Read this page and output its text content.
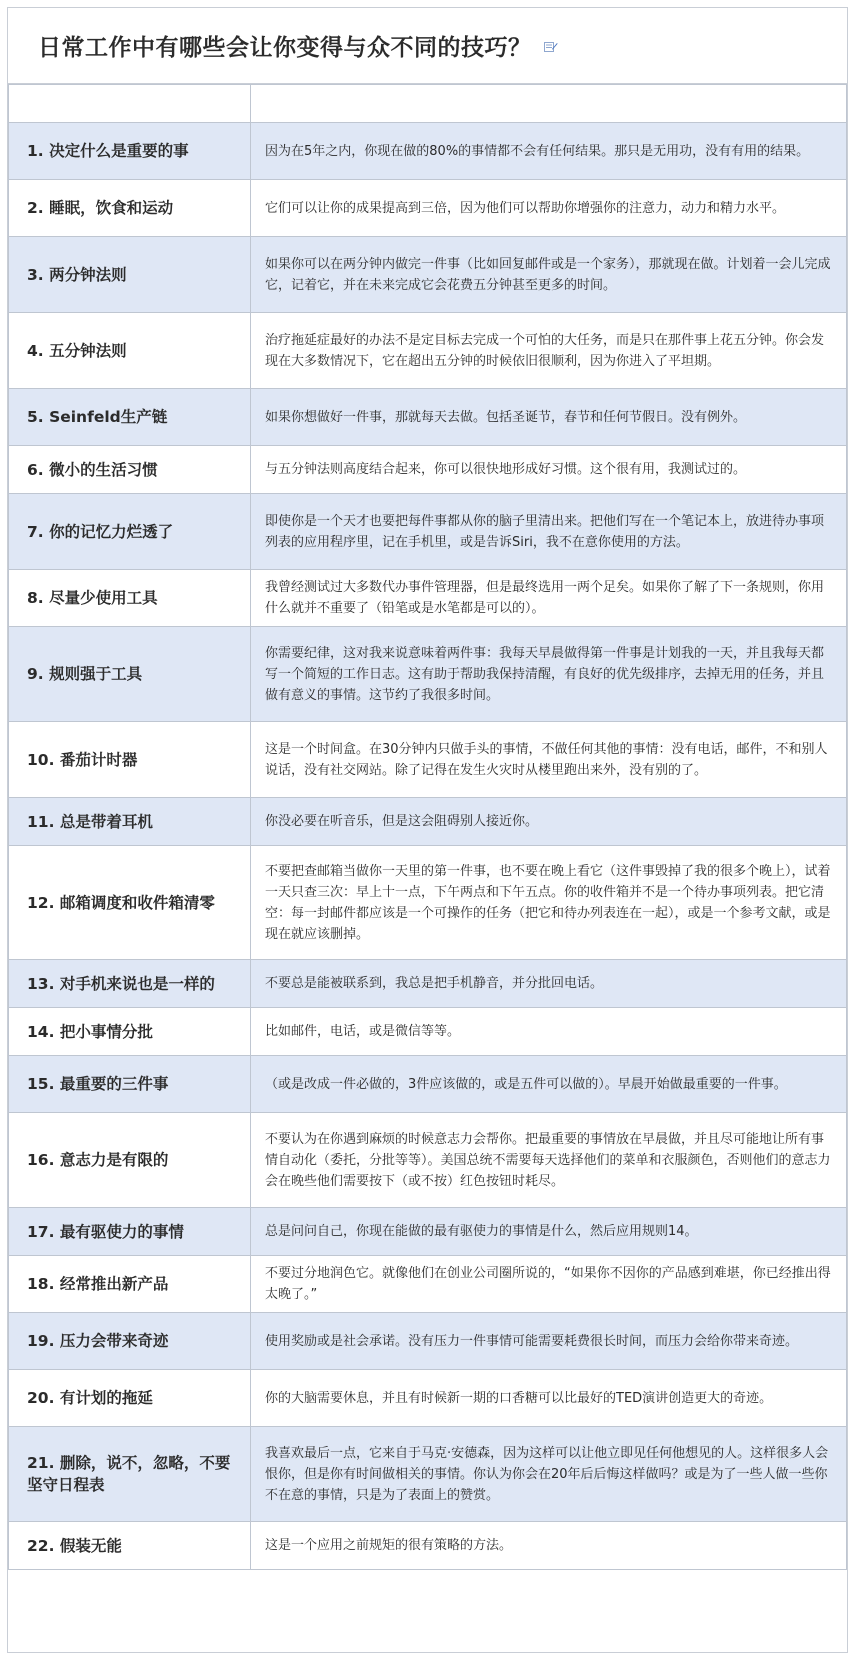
日常工作中有哪些会让你变得与众不同的技巧？

1. 决定什么是重要的事	因为在5年之内，你现在做的80%的事情都不会有任何结果。那只是无用功，没有有用的结果。
2. 睡眠，饮食和运动	它们可以让你的成果提高到三倍，因为他们可以帮助你增强你的注意力，动力和精力水平。
3. 两分钟法则	如果你可以在两分钟内做完一件事（比如回复邮件或是一个家务），那就现在做。计划着一会儿完成它，记着它，并在未来完成它会花费五分钟甚至更多的时间。
4. 五分钟法则	治疗拖延症最好的办法不是定目标去完成一个可怕的大任务，而是只在那件事上花五分钟。你会发现在大多数情况下，它在超出五分钟的时候依旧很顺利，因为你进入了平坦期。
5. Seinfeld生产链	如果你想做好一件事，那就每天去做。包括圣诞节，春节和任何节假日。没有例外。
6. 微小的生活习惯	与五分钟法则高度结合起来，你可以很快地形成好习惯。这个很有用，我测试过的。
7. 你的记忆力烂透了	即使你是一个天才也要把每件事都从你的脑子里清出来。把他们写在一个笔记本上，放进待办事项列表的应用程序里，记在手机里，或是告诉Siri，我不在意你使用的方法。
8. 尽量少使用工具	我曾经测试过大多数代办事件管理器，但是最终选用一两个足矣。如果你了解了下一条规则，你用什么就并不重要了（铅笔或是水笔都是可以的）。
9. 规则强于工具	你需要纪律，这对我来说意味着两件事：我每天早晨做得第一件事是计划我的一天，并且我每天都写一个简短的工作日志。这有助于帮助我保持清醒，有良好的优先级排序，去掉无用的任务，并且做有意义的事情。这节约了我很多时间。
10. 番茄计时器	这是一个时间盒。在30分钟内只做手头的事情，不做任何其他的事情：没有电话，邮件，不和别人说话，没有社交网站。除了记得在发生火灾时从楼里跑出来外，没有别的了。
11. 总是带着耳机	你没必要在听音乐，但是这会阻碍别人接近你。
12. 邮箱调度和收件箱清零	不要把查邮箱当做你一天里的第一件事，也不要在晚上看它（这件事毁掉了我的很多个晚上），试着一天只查三次：早上十一点，下午两点和下午五点。你的收件箱并不是一个待办事项列表。把它清空：每一封邮件都应该是一个可操作的任务（把它和待办列表连在一起），或是一个参考文献，或是现在就应该删掉。
13. 对手机来说也是一样的	不要总是能被联系到，我总是把手机静音，并分批回电话。
14. 把小事情分批	比如邮件，电话，或是微信等等。
15. 最重要的三件事	（或是改成一件必做的，3件应该做的，或是五件可以做的）。早晨开始做最重要的一件事。
16. 意志力是有限的	不要认为在你遇到麻烦的时候意志力会帮你。把最重要的事情放在早晨做，并且尽可能地让所有事情自动化（委托，分批等等）。美国总统不需要每天选择他们的菜单和衣服颜色，否则他们的意志力会在晚些他们需要按下（或不按）红色按钮时耗尽。
17. 最有驱使力的事情	总是问问自己，你现在能做的最有驱使力的事情是什么，然后应用规则14。
18. 经常推出新产品	不要过分地润色它。就像他们在创业公司圈所说的，“如果你不因你的产品感到难堪，你已经推出得太晚了。”
19. 压力会带来奇迹	使用奖励或是社会承诺。没有压力一件事情可能需要耗费很长时间，而压力会给你带来奇迹。
20. 有计划的拖延	你的大脑需要休息，并且有时候新一期的口香糖可以比最好的TED演讲创造更大的奇迹。
21. 删除，说不，忽略，不要坚守日程表	我喜欢最后一点，它来自于马克·安德森，因为这样可以让他立即见任何他想见的人。这样很多人会恨你，但是你有时间做相关的事情。你认为你会在20年后后悔这样做吗？或是为了一些人做一些你不在意的事情，只是为了表面上的赞赏。
22. 假装无能	这是一个应用之前规矩的很有策略的方法。
